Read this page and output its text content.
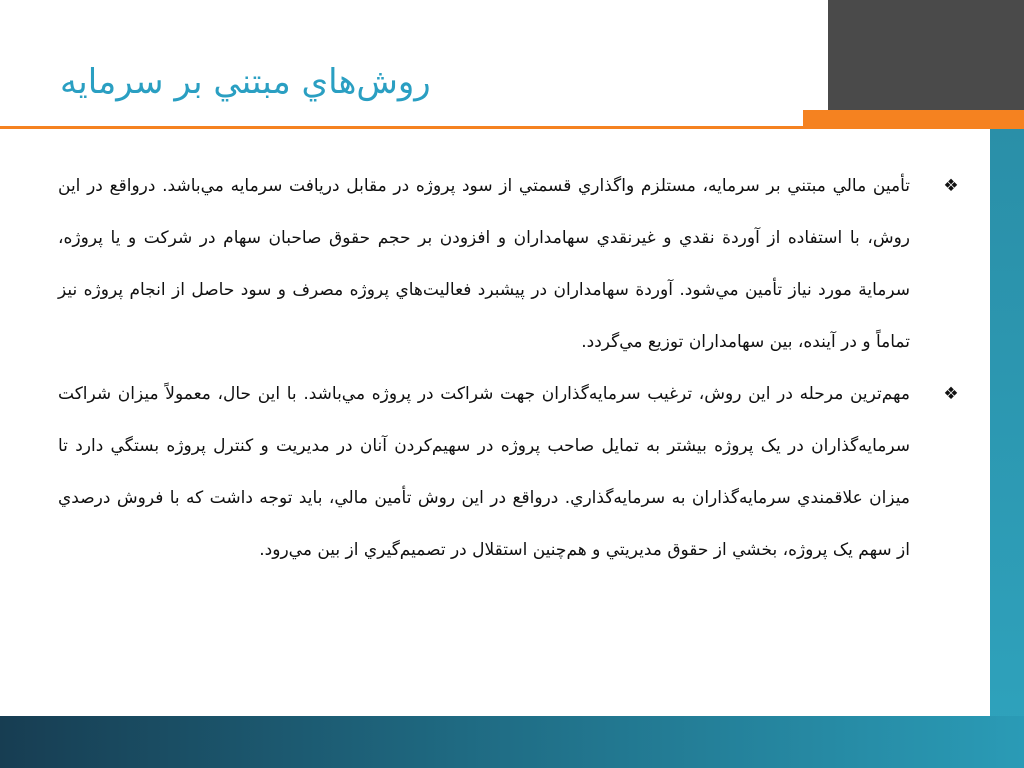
روش‌هاي مبتني بر سرمايه

❖
تأمين مالي مبتني بر سرمايه، مستلزم واگذاري قسمتي از سود پروژه در مقابل دريافت سرمايه مي‌باشد. درواقع در اين روش، با استفاده از آوردة نقدي و غيرنقدي سهامداران و افزودن بر حجم حقوق صاحبان سهام در شركت و يا پروژه، سرماية مورد نياز تأمين مي‌شود. آوردة سهامداران در پيشبرد فعاليت‌هاي پروژه مصرف و سود حاصل از انجام پروژه نيز تماماً و در آينده، بين سهامداران توزيع مي‌گردد.

❖
مهم‌ترين مرحله در اين روش، ترغيب سرمايه‌گذاران جهت شراكت در پروژه مي‌باشد. با اين حال، معمولاً ميزان شراكت سرمايه‌گذاران در يک پروژه بيشتر به تمايل صاحب پروژه در سهيم‌كردن آنان در مديريت و كنترل پروژه بستگي دارد تا ميزان علاقمندي سرمايه‌گذاران به سرمايه‌گذاري. درواقع در اين روش تأمين مالي، بايد توجه داشت كه با فروش درصدي از سهم يک پروژه، بخشي از حقوق مديريتي و هم‌چنين استقلال در تصميم‌گيري از بين مي‌رود.
